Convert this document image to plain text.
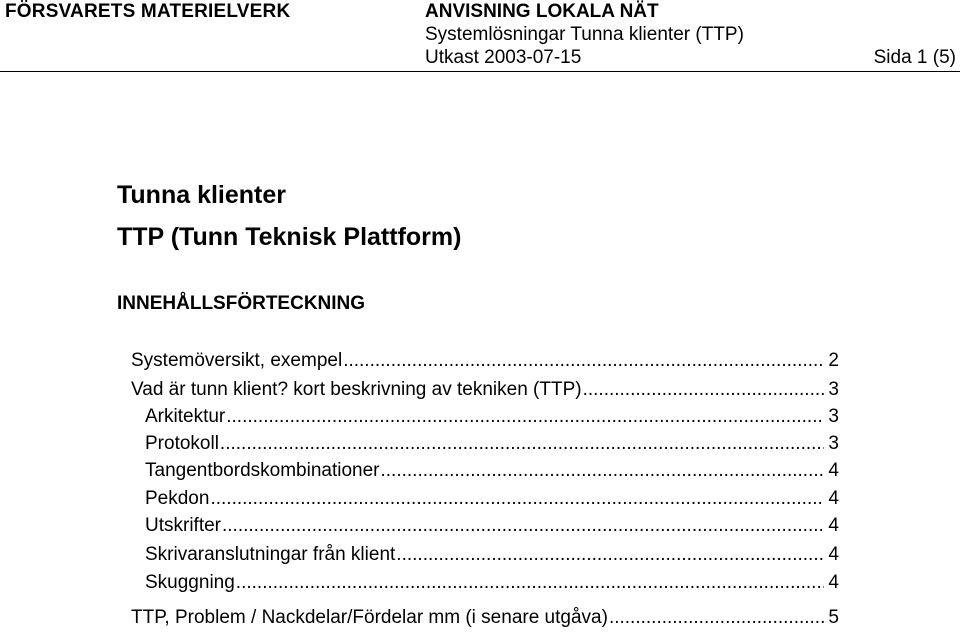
FÖRSVARETS MATERIELVERK	ANVISNING LOKALA NÄT
Systemlösningar Tunna klienter (TTP)
Utkast 2003-07-15	Sida 1 (5)
Tunna klienter
TTP (Tunn Teknisk Plattform)
INNEHÅLLSFÖRTECKNING
Systemöversikt, exempel .....	2
Vad är tunn klient? kort beskrivning av tekniken (TTP) .....	3
Arkitektur .....	3
Protokoll .....	3
Tangentbordskombinationer .....	4
Pekdon .....	4
Utskrifter .....	4
Skrivaranslutningar från klient .....	4
Skuggning .....	4
TTP, Problem / Nackdelar/Fördelar mm (i senare utgåva) .....	5
